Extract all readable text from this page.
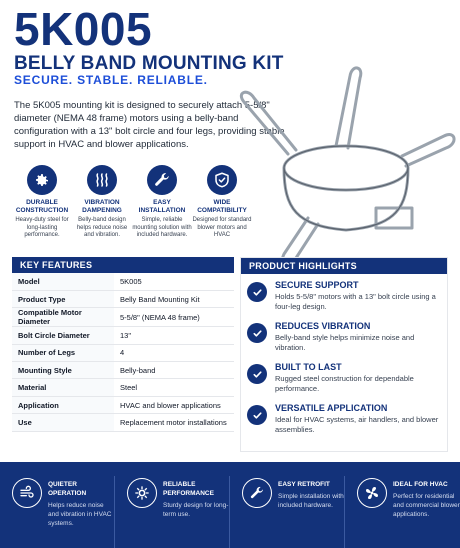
5K005
BELLY BAND MOUNTING KIT
SECURE. STABLE. RELIABLE.

The 5K005 mounting kit is designed to securely attach 5-5/8" diameter (NEMA 48 frame) motors using a belly-band configuration with a 13" bolt circle and four legs, providing stable support in HVAC and blower applications.

DURABLE CONSTRUCTION
Heavy-duty steel for long-lasting performance.
VIBRATION DAMPENING
Belly-band design helps reduce noise and vibration.
EASY INSTALLATION
Simple, reliable mounting solution with included hardware.
WIDE COMPATIBILITY
Designed for standard blower motors and HVAC
KEY FEATURES
Model	5K005
Product Type	Belly Band Mounting Kit
Compatible Motor Diameter	5-5/8" (NEMA 48 frame)
Bolt Circle Diameter	13"
Number of Legs	4
Mounting Style	Belly-band
Material	Steel
Application	HVAC and blower applications
Use	Replacement motor installations
PRODUCT HIGHLIGHTS
SECURE SUPPORT
Holds 5-5/8" motors with a 13" bolt circle using a four-leg design.
REDUCES VIBRATION
Belly-band style helps minimize noise and vibration.
BUILT TO LAST
Rugged steel construction for dependable performance.
VERSATILE APPLICATION
Ideal for HVAC systems, air handlers, and blower assemblies.
QUIETER OPERATION
Helps reduce noise and vibration in HVAC systems.
RELIABLE PERFORMANCE
Sturdy design for long-term use.
EASY RETROFIT
Simple installation with included hardware.
IDEAL FOR HVAC
Perfect for residential and commercial blower applications.
